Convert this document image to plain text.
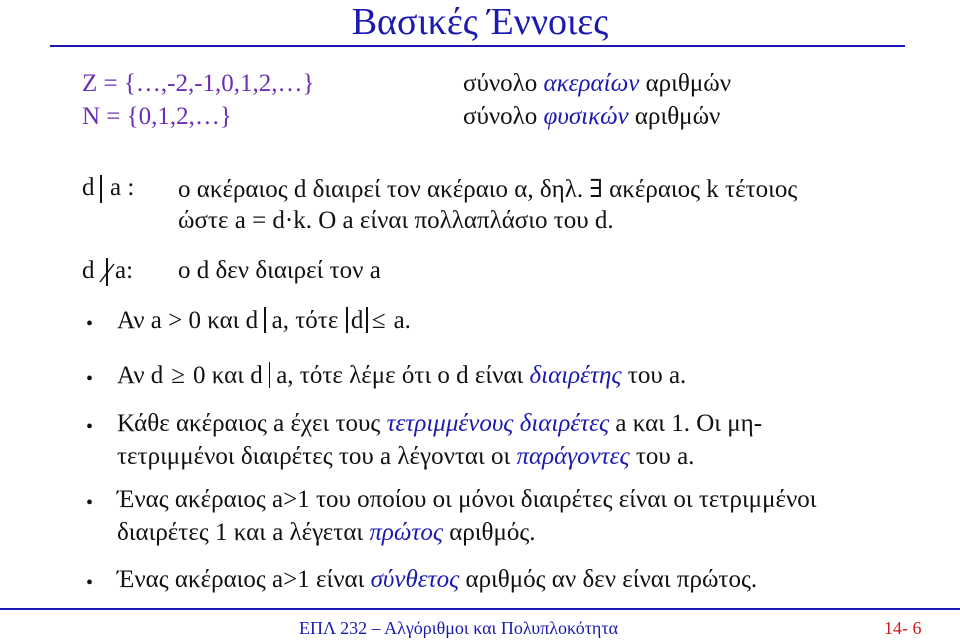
Βασικές Έννοιες
Z = {…,-2,-1,0,1,2,…}	σύνολο ακεραίων αριθμών
N = {0,1,2,…}	σύνολο φυσικών αριθμών
d a : ο ακέραιος d διαιρεί τον ακέραιο α, δηλ. ∃ ακέραιος k τέτοιος
ώστε a = d·k. O a είναι πολλαπλάσιο του d.
d a: ο d δεν διαιρεί τον a
• Αν a > 0 και d a, τότε d ≤ a.
• Αν d ≥ 0 και d a, τότε λέμε ότι ο d είναι διαιρέτης του a.
• Κάθε ακέραιος a έχει τους τετριμμένους διαιρέτες a και 1. Οι μη-
τετριμμένοι διαιρέτες του a λέγονται οι παράγοντες του a.
• Ένας ακέραιος a>1 του οποίου οι μόνοι διαιρέτες είναι οι τετριμμένοι
διαιρέτες 1 και a λέγεται πρώτος αριθμός.
• Ένας ακέραιος a>1 είναι σύνθετος αριθμός αν δεν είναι πρώτος.
ΕΠΛ 232 – Αλγόριθμοι και Πολυπλοκότητα	14- 6
